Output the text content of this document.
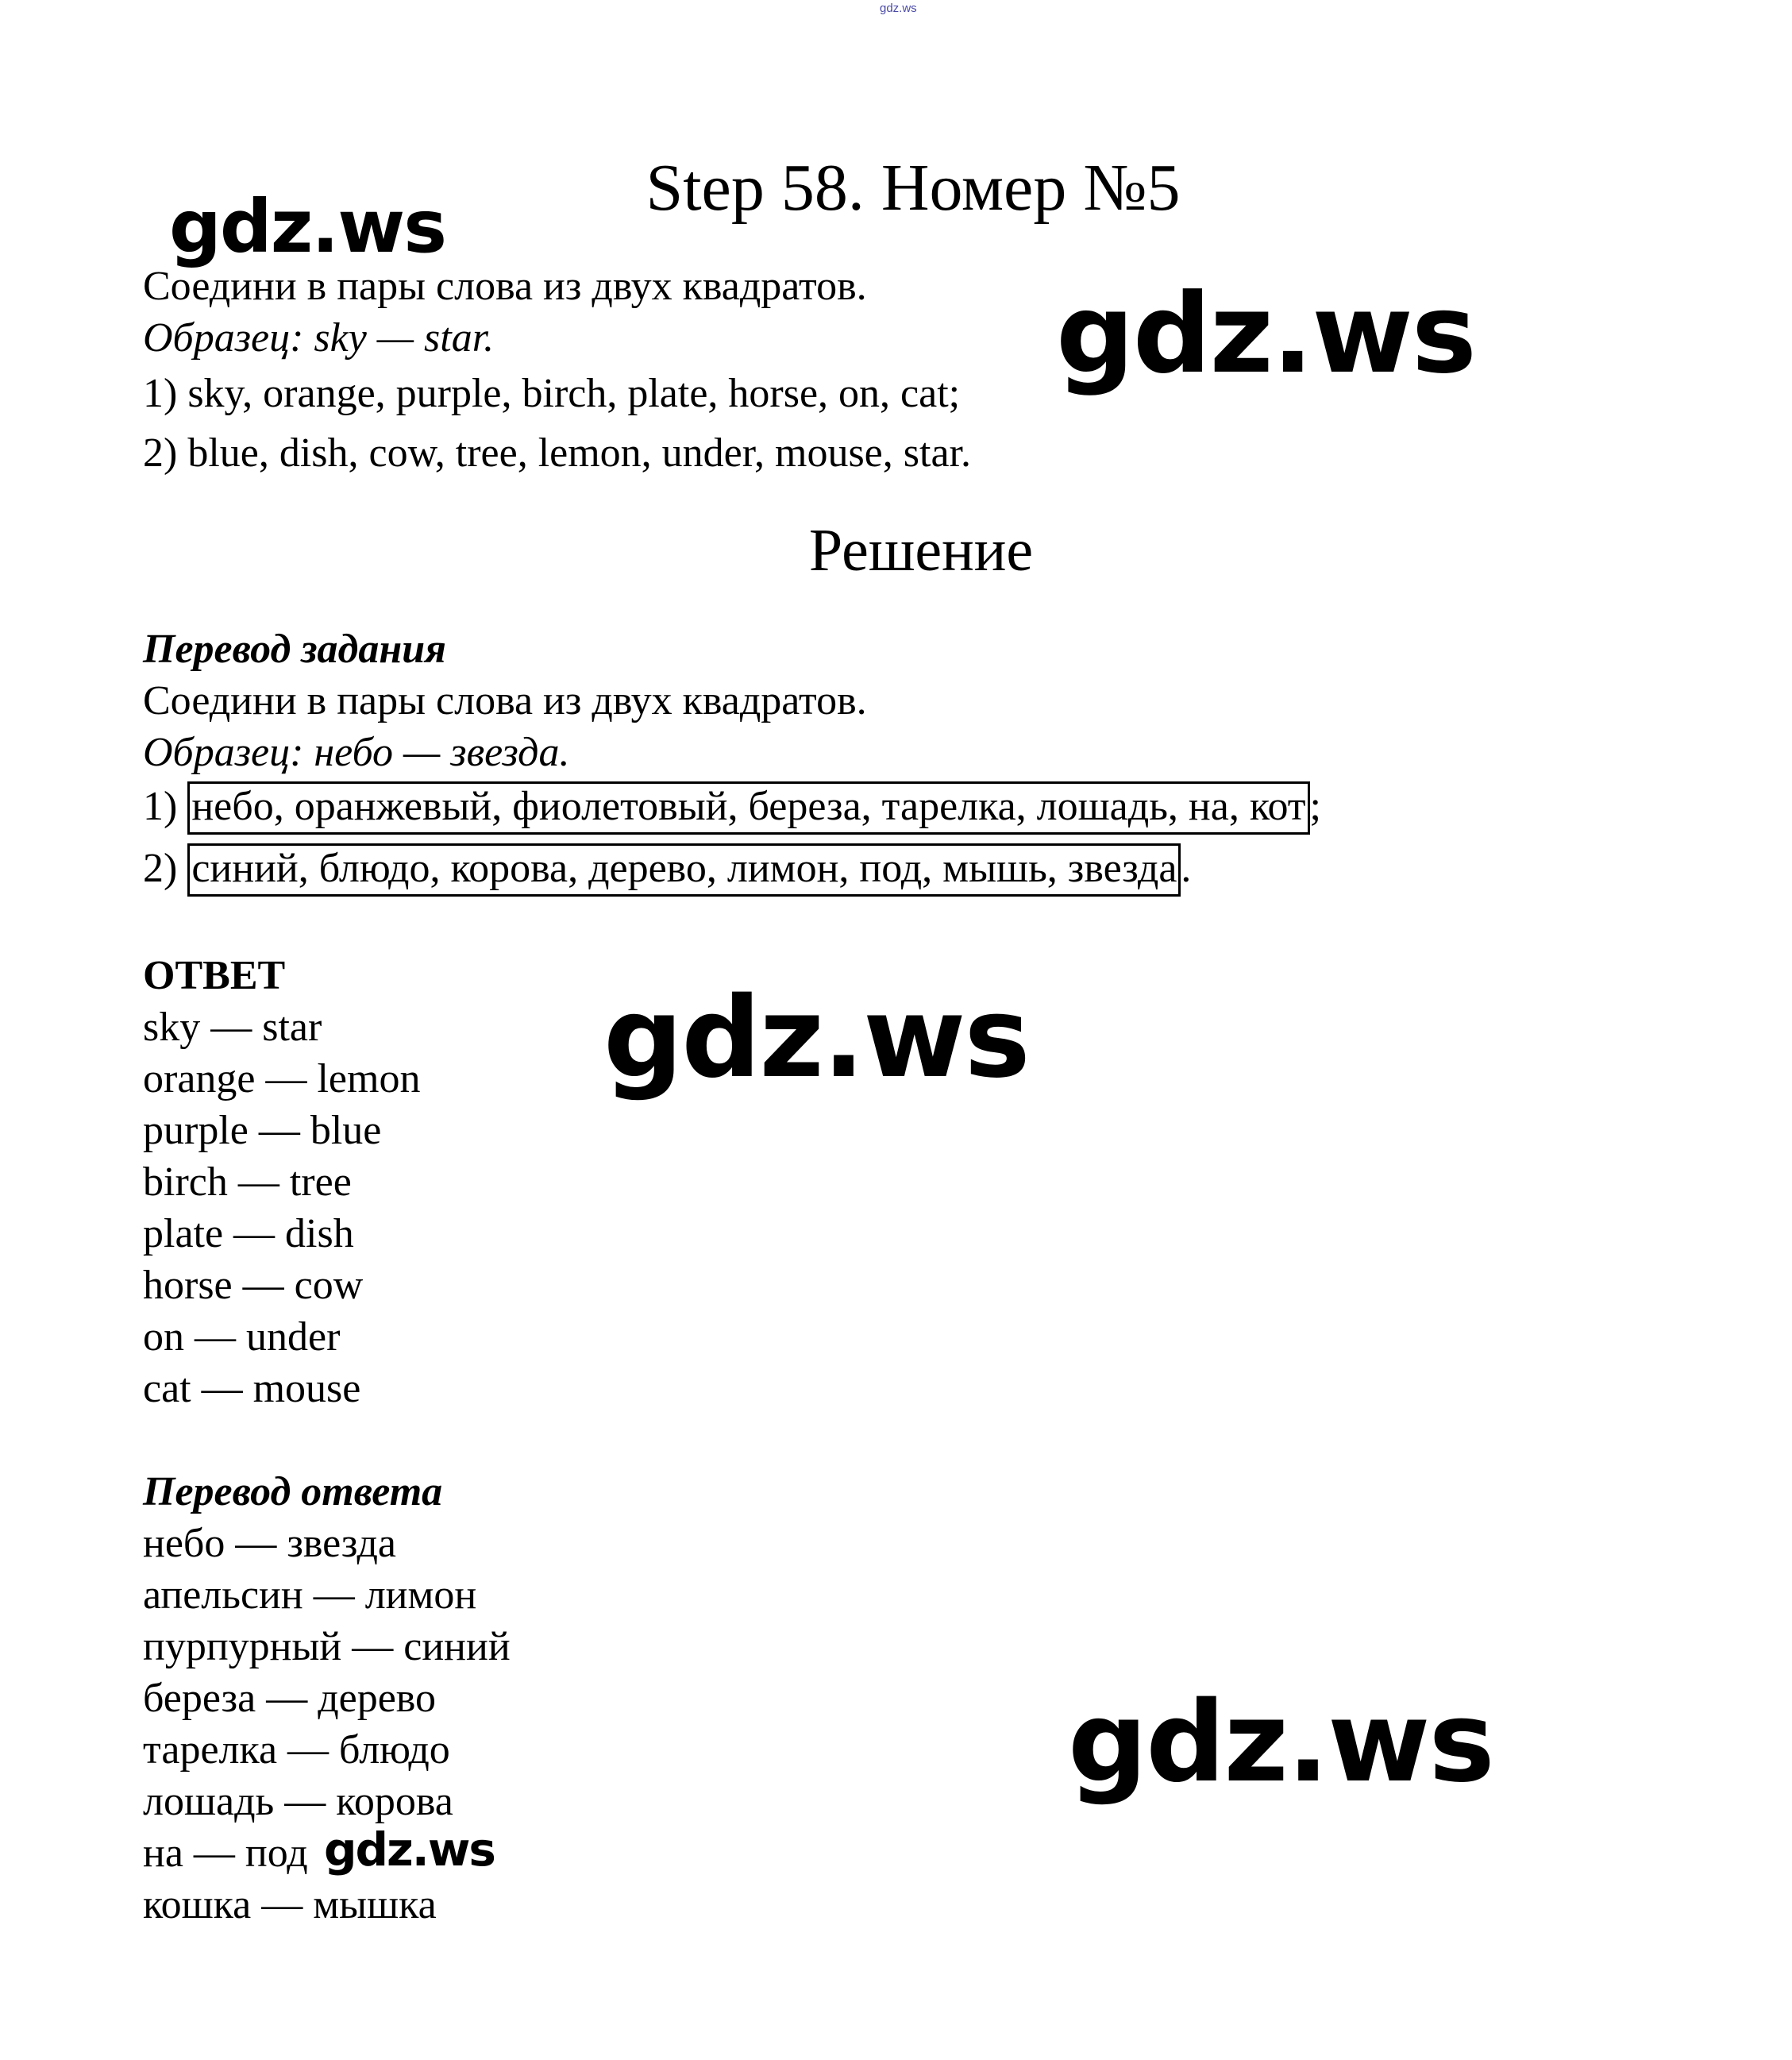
gdz.ws
Step 58. Номер №5
Соедини в пары слова из двух квадратов.
Образец: sky — star.
1) sky, orange, purple, birch, plate, horse, on, cat;
2) blue, dish, cow, tree, lemon, under, mouse, star.
Решение
Перевод задания
Соедини в пары слова из двух квадратов.
Образец: небо — звезда.
1) небо, оранжевый, фиолетовый, береза, тарелка, лошадь, на, кот;
2) синий, блюдо, корова, дерево, лимон, под, мышь, звезда.
ОТВЕТ
sky — star
orange — lemon
purple — blue
birch — tree
plate — dish
horse — cow
on — under
cat — mouse
Перевод ответа
небо — звезда
апельсин — лимон
пурпурный — синий
береза — дерево
тарелка — блюдо
лошадь — корова
на — под
кошка — мышка
gdz.ws
gdz.ws
gdz.ws
gdz.ws
gdz.ws
